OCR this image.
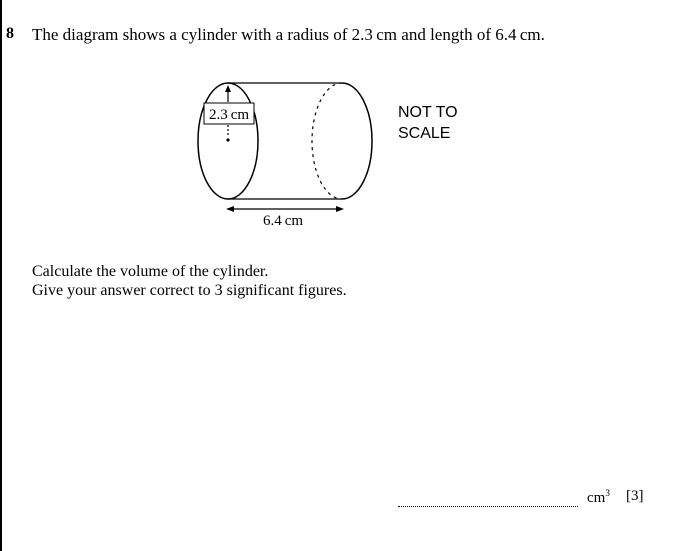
8 The diagram shows a cylinder with a radius of 2.3 cm and length of 6.4 cm.
2.3 cm
6.4 cm
NOT TO
SCALE
Calculate the volume of the cylinder.
Give your answer correct to 3 significant figures.
$cm^3$ [3]
